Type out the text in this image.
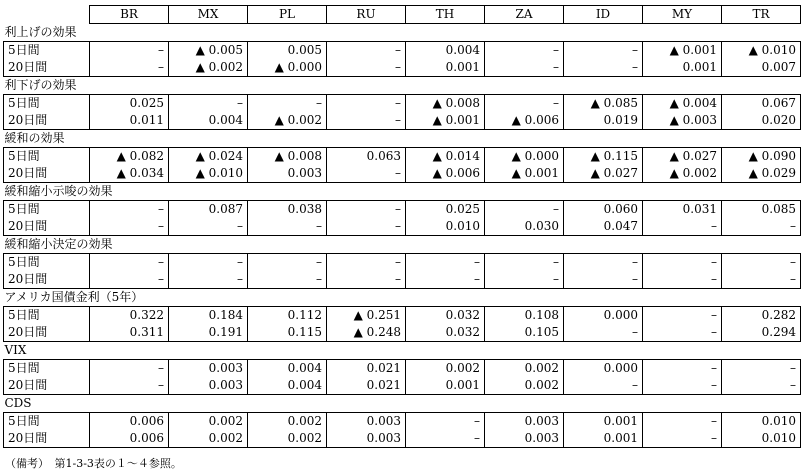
	BR	MX	PL	RU	TH	ZA	ID	MY	TR
利上げの効果									
5日間	–	▲ 0.005	0.005	–	0.004	–	–	▲ 0.001	▲ 0.010
20日間	–	▲ 0.002	▲ 0.000	–	0.001	–	–	0.001	0.007
利下げの効果									
5日間	0.025	–	–	–	▲ 0.008	–	▲ 0.085	▲ 0.004	0.067
20日間	0.011	0.004	▲ 0.002	–	▲ 0.001	▲ 0.006	0.019	▲ 0.003	0.020
緩和の効果									
5日間	▲ 0.082	▲ 0.024	▲ 0.008	0.063	▲ 0.014	▲ 0.000	▲ 0.115	▲ 0.027	▲ 0.090
20日間	▲ 0.034	▲ 0.010	0.003	–	▲ 0.006	▲ 0.001	▲ 0.027	▲ 0.002	▲ 0.029
緩和縮小示唆の効果									
5日間	–	0.087	0.038	–	0.025	–	0.060	0.031	0.085
20日間	–	–	–	–	0.010	0.030	0.047	–	–
緩和縮小決定の効果									
5日間	–	–	–	–	–	–	–	–	–
20日間	–	–	–	–	–	–	–	–	–
アメリカ国債金利（5年）									
5日間	0.322	0.184	0.112	▲ 0.251	0.032	0.108	0.000	–	0.282
20日間	0.311	0.191	0.115	▲ 0.248	0.032	0.105	–	–	0.294
VIX									
5日間	–	0.003	0.004	0.021	0.002	0.002	0.000	–	–
20日間	–	0.003	0.004	0.021	0.001	0.002	–	–	–
CDS									
5日間	0.006	0.002	0.002	0.003	–	0.003	0.001	–	0.010
20日間	0.006	0.002	0.002	0.003	–	0.003	0.001	–	0.010
（備考）　第1-3-3表の１～４参照。
